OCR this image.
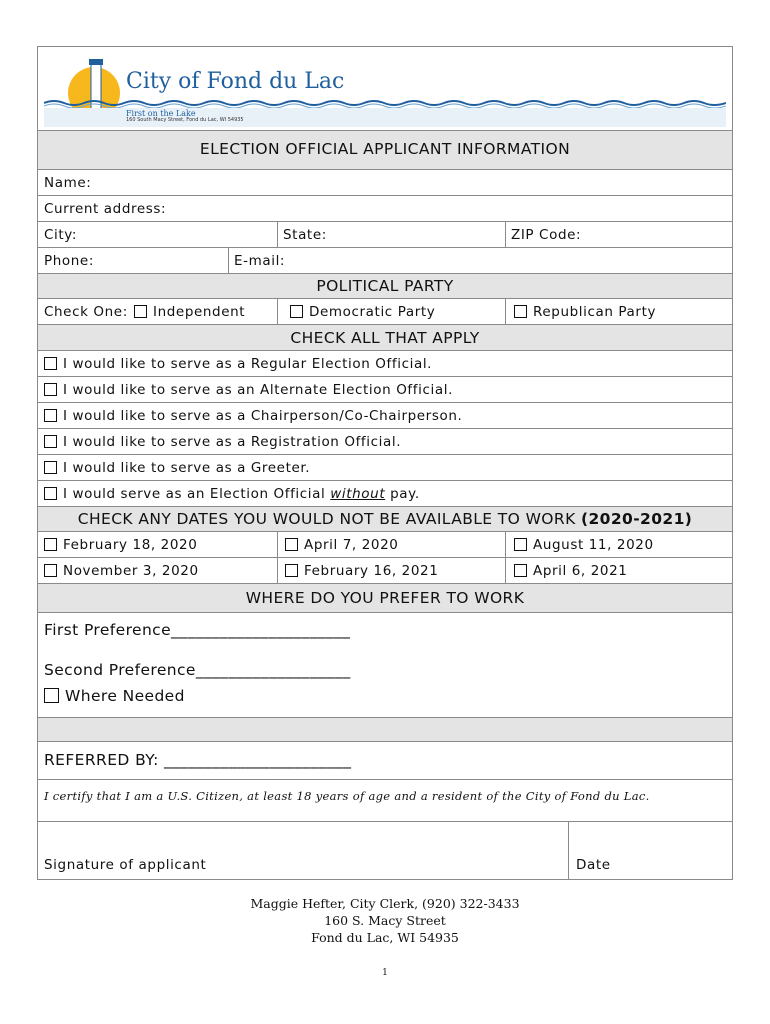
City of Fond du Lac
First on the Lake
160 South Macy Street, Fond du Lac, WI 54935
ELECTION OFFICIAL APPLICANT INFORMATION
Name:
Current address:
City:	State:	ZIP Code:
Phone:	E-mail:
POLITICAL PARTY
Check One:	Independent	Democratic Party	Republican Party
CHECK ALL THAT APPLY
I would like to serve as a Regular Election Official.
I would like to serve as an Alternate Election Official.
I would like to serve as a Chairperson/Co-Chairperson.
I would like to serve as a Registration Official.
I would like to serve as a Greeter.
I would serve as an Election Official without pay.
CHECK ANY DATES YOU WOULD NOT BE AVAILABLE TO WORK (2020-2021)
February 18, 2020	April 7, 2020	August 11, 2020
November 3, 2020	February 16, 2021	April 6, 2021
WHERE DO YOU PREFER TO WORK
First Preference______________________
Second Preference___________________
Where Needed
REFERRED BY: _______________________
I certify that I am a U.S. Citizen, at least 18 years of age and a resident of the City of Fond du Lac.
Signature of applicant	Date
Maggie Hefter, City Clerk, (920) 322-3433
160 S. Macy Street
Fond du Lac, WI 54935
1
